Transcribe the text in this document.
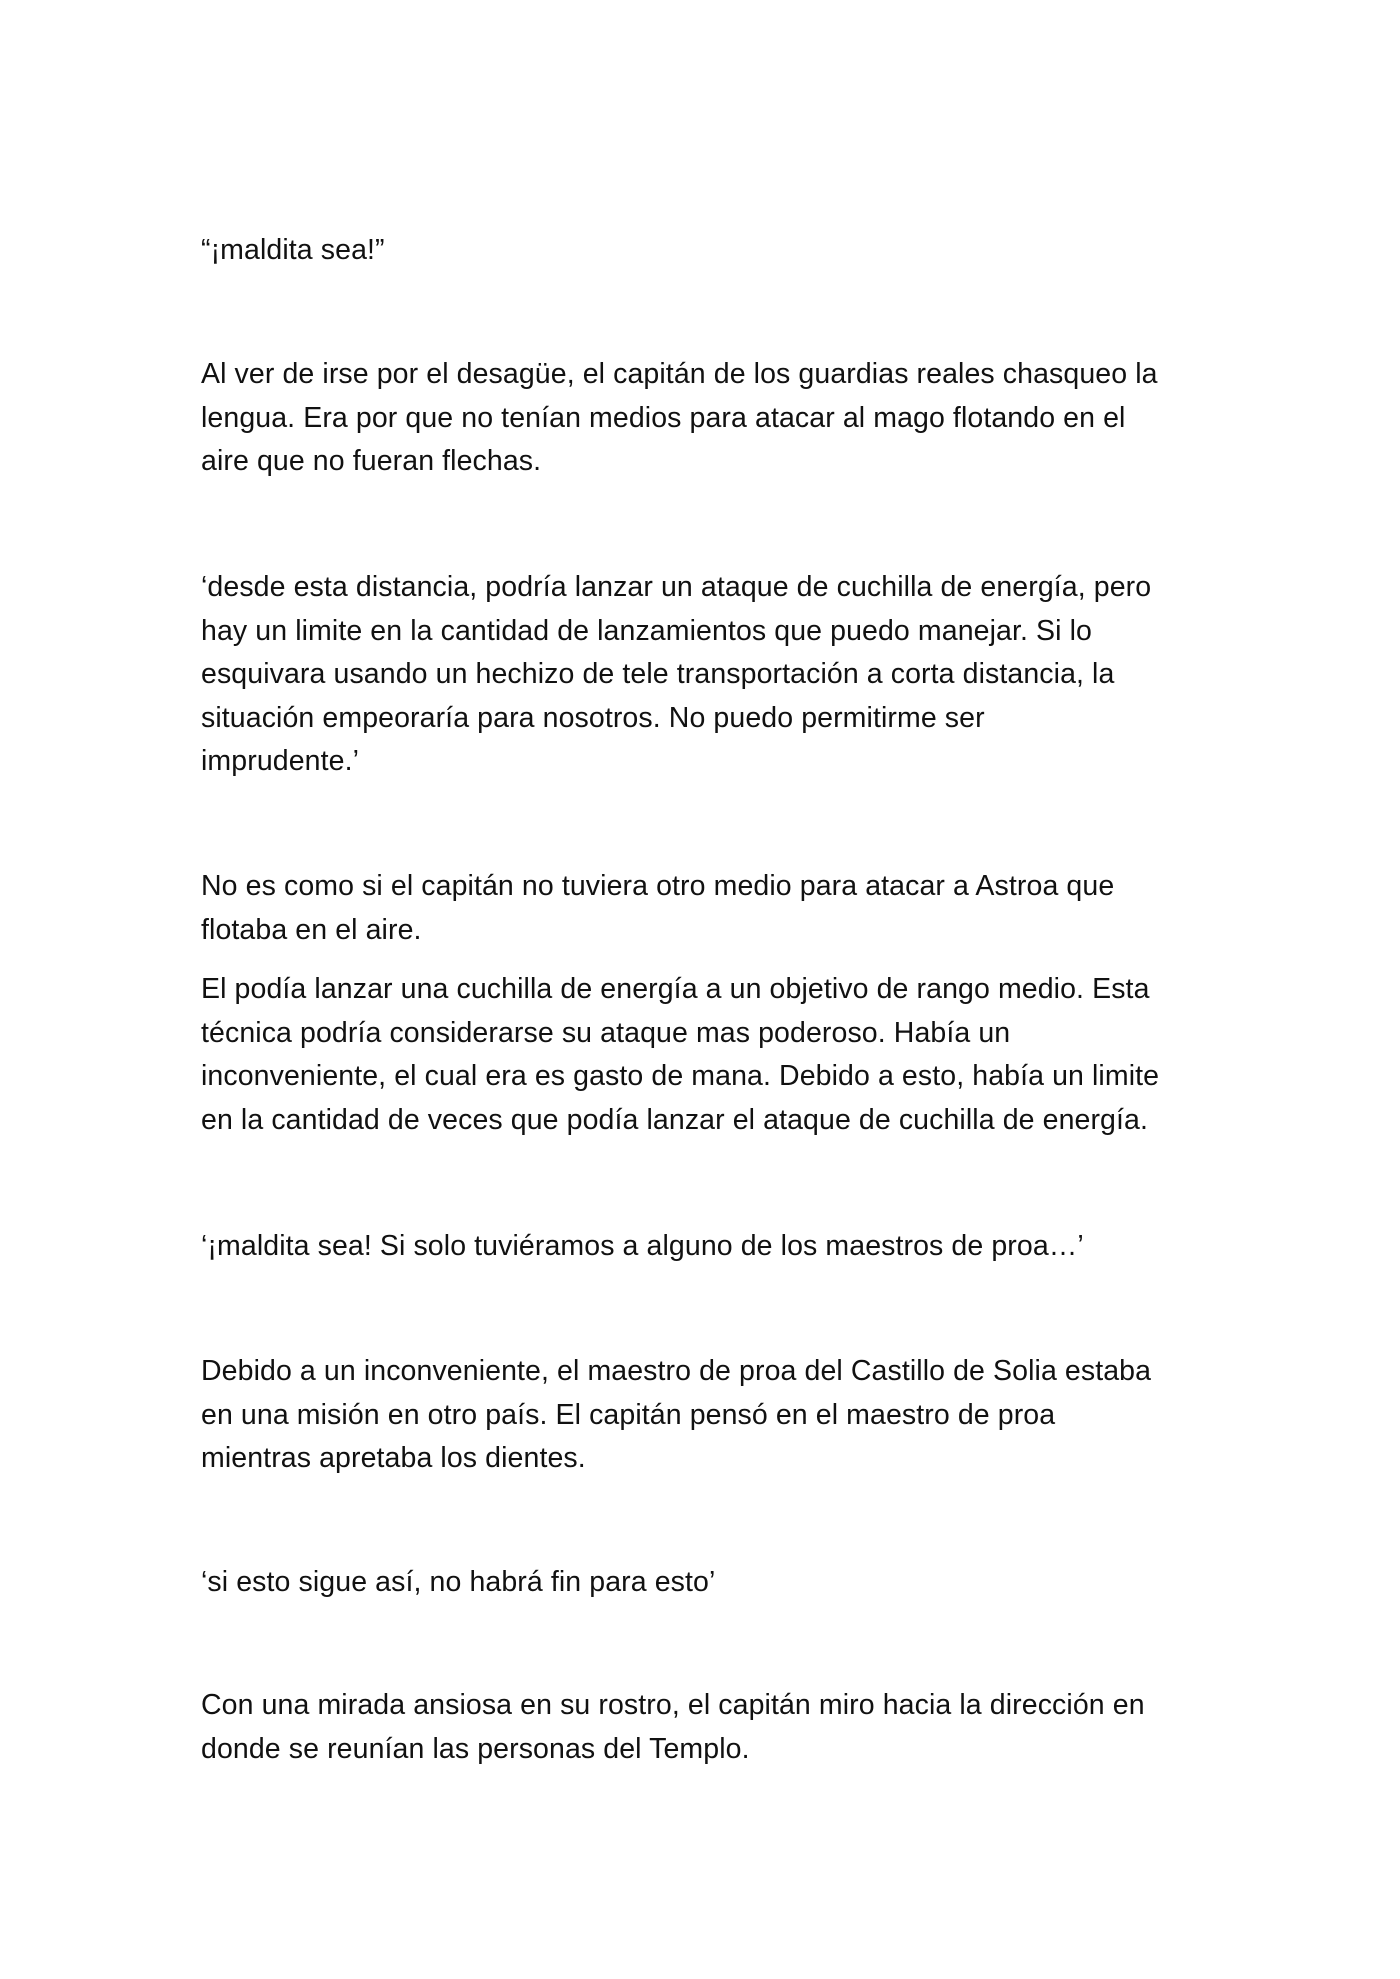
“¡maldita sea!”

Al ver de irse por el desagüe, el capitán de los guardias reales chasqueo la
lengua. Era por que no tenían medios para atacar al mago flotando en el
aire que no fueran flechas.

‘desde esta distancia, podría lanzar un ataque de cuchilla de energía, pero
hay un limite en la cantidad de lanzamientos que puedo manejar. Si lo
esquivara usando un hechizo de tele transportación a corta distancia, la
situación empeoraría para nosotros. No puedo permitirme ser
imprudente.’

No es como si el capitán no tuviera otro medio para atacar a Astroa que
flotaba en el aire.

El podía lanzar una cuchilla de energía a un objetivo de rango medio. Esta
técnica podría considerarse su ataque mas poderoso. Había un
inconveniente, el cual era es gasto de mana. Debido a esto, había un limite
en la cantidad de veces que podía lanzar el ataque de cuchilla de energía.

‘¡maldita sea! Si solo tuviéramos a alguno de los maestros de proa…’

Debido a un inconveniente, el maestro de proa del Castillo de Solia estaba
en una misión en otro país. El capitán pensó en el maestro de proa
mientras apretaba los dientes.

‘si esto sigue así, no habrá fin para esto’

Con una mirada ansiosa en su rostro, el capitán miro hacia la dirección en
donde se reunían las personas del Templo.
